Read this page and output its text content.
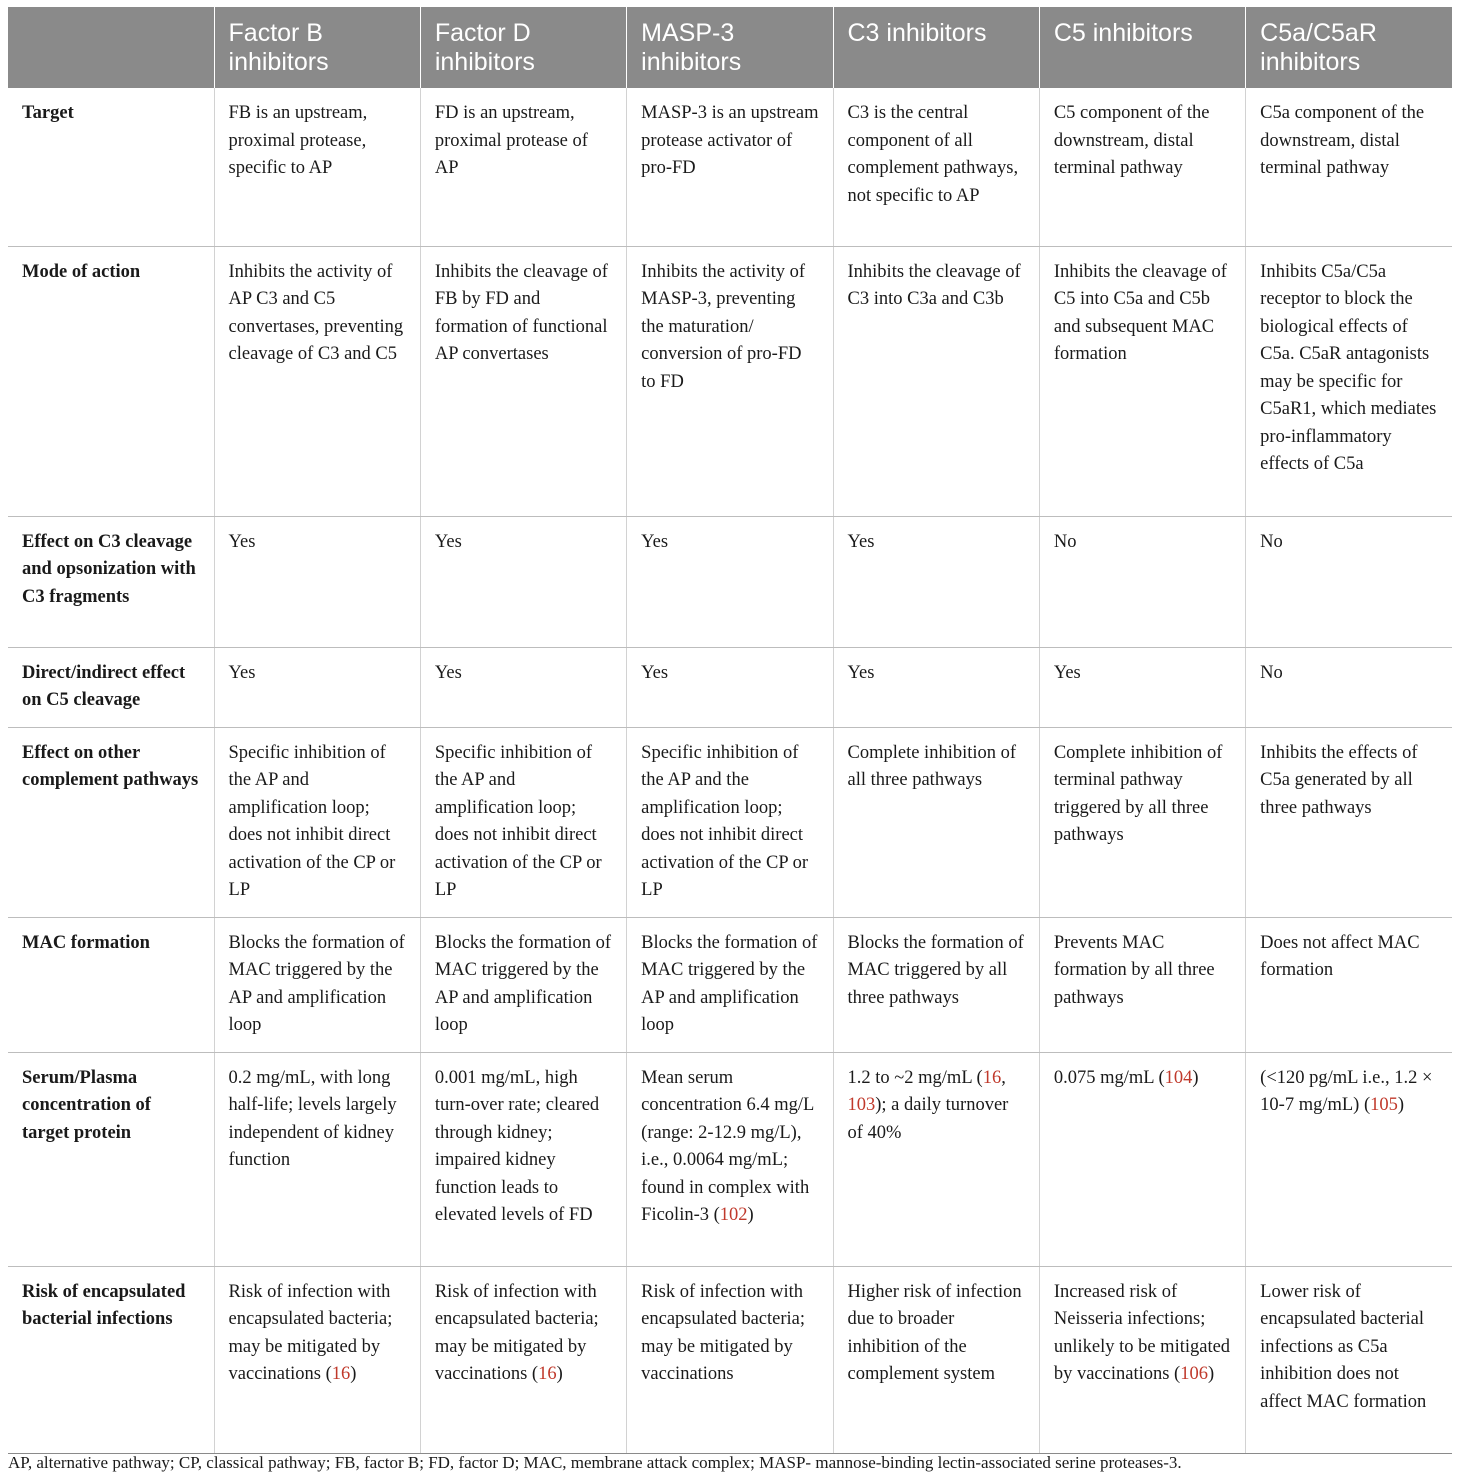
	Factor B inhibitors	Factor D inhibitors	MASP-3 inhibitors	C3 inhibitors	C5 inhibitors	C5a/C5aR inhibitors
Target	FB is an upstream, proximal protease, specific to AP	FD is an upstream, proximal protease of AP	MASP-3 is an upstream protease activator of pro-FD	C3 is the central component of all complement pathways, not specific to AP	C5 component of the downstream, distal terminal pathway	C5a component of the downstream, distal terminal pathway
Mode of action	Inhibits the activity of AP C3 and C5 convertases, preventing cleavage of C3 and C5	Inhibits the cleavage of FB by FD and formation of functional AP convertases	Inhibits the activity of MASP-3, preventing the maturation/ conversion of pro-FD to FD	Inhibits the cleavage of C3 into C3a and C3b	Inhibits the cleavage of C5 into C5a and C5b and subsequent MAC formation	Inhibits C5a/C5a receptor to block the biological effects of C5a. C5aR antagonists may be specific for C5aR1, which mediates pro-inflammatory effects of C5a
Effect on C3 cleavage and opsonization with C3 fragments	Yes	Yes	Yes	Yes	No	No
Direct/indirect effect on C5 cleavage	Yes	Yes	Yes	Yes	Yes	No
Effect on other complement pathways	Specific inhibition of the AP and amplification loop; does not inhibit direct activation of the CP or LP	Specific inhibition of the AP and amplification loop; does not inhibit direct activation of the CP or LP	Specific inhibition of the AP and the amplification loop; does not inhibit direct activation of the CP or LP	Complete inhibition of all three pathways	Complete inhibition of terminal pathway triggered by all three pathways	Inhibits the effects of C5a generated by all three pathways
MAC formation	Blocks the formation of MAC triggered by the AP and amplification loop	Blocks the formation of MAC triggered by the AP and amplification loop	Blocks the formation of MAC triggered by the AP and amplification loop	Blocks the formation of MAC triggered by all three pathways	Prevents MAC formation by all three pathways	Does not affect MAC formation
Serum/Plasma concentration of target protein	0.2 mg/mL, with long half-life; levels largely independent of kidney function	0.001 mg/mL, high turn-over rate; cleared through kidney; impaired kidney function leads to elevated levels of FD	Mean serum concentration 6.4 mg/L (range: 2-12.9 mg/L), i.e., 0.0064 mg/mL; found in complex with Ficolin-3 (102)	1.2 to ~2 mg/mL (16, 103); a daily turnover of 40%	0.075 mg/mL (104)	(<120 pg/mL i.e., 1.2 × 10-7 mg/mL) (105)
Risk of encapsulated bacterial infections	Risk of infection with encapsulated bacteria; may be mitigated by vaccinations (16)	Risk of infection with encapsulated bacteria; may be mitigated by vaccinations (16)	Risk of infection with encapsulated bacteria; may be mitigated by vaccinations	Higher risk of infection due to broader inhibition of the complement system	Increased risk of Neisseria infections; unlikely to be mitigated by vaccinations (106)	Lower risk of encapsulated bacterial infections as C5a inhibition does not affect MAC formation
AP, alternative pathway; CP, classical pathway; FB, factor B; FD, factor D; MAC, membrane attack complex; MASP- mannose-binding lectin-associated serine proteases-3.
